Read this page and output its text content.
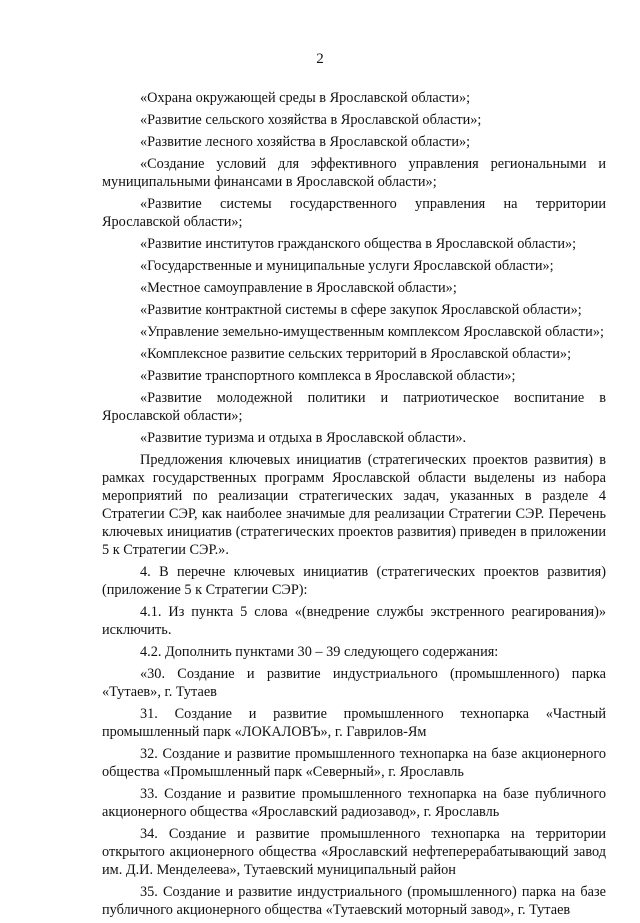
2

«Охрана окружающей среды в Ярославской области»;

«Развитие сельского хозяйства в Ярославской области»;

«Развитие лесного хозяйства в Ярославской области»;

«Создание условий для эффективного управления региональными и муниципальными финансами в Ярославской области»;

«Развитие системы государственного управления на территории Ярославской области»;

«Развитие институтов гражданского общества в Ярославской области»;

«Государственные и муниципальные услуги Ярославской области»;

«Местное самоуправление в Ярославской области»;

«Развитие контрактной системы в сфере закупок Ярославской области»;

«Управление земельно-имущественным комплексом Ярославской области»;

«Комплексное развитие сельских территорий в Ярославской области»;

«Развитие транспортного комплекса в Ярославской области»;

«Развитие молодежной политики и патриотическое воспитание в Ярославской области»;

«Развитие туризма и отдыха в Ярославской области».

Предложения ключевых инициатив (стратегических проектов развития) в рамках государственных программ Ярославской области выделены из набора мероприятий по реализации стратегических задач, указанных в разделе 4 Стратегии СЭР, как наиболее значимые для реализации Стратегии СЭР. Перечень ключевых инициатив (стратегических проектов развития) приведен в приложении 5 к Стратегии СЭР.».

4. В перечне ключевых инициатив (стратегических проектов развития) (приложение 5 к Стратегии СЭР):

4.1. Из пункта 5 слова «(внедрение службы экстренного реагирования)» исключить.

4.2. Дополнить пунктами 30 – 39 следующего содержания:

«30. Создание и развитие индустриального (промышленного) парка «Тутаев», г. Тутаев

31. Создание и развитие промышленного технопарка «Частный промышленный парк «ЛОКАЛОВЪ», г. Гаврилов-Ям

32. Создание и развитие промышленного технопарка на базе акционерного общества «Промышленный парк «Северный», г. Ярославль

33. Создание и развитие промышленного технопарка на базе публичного акционерного общества «Ярославский радиозавод», г. Ярославль

34. Создание и развитие промышленного технопарка на территории открытого акционерного общества «Ярославский нефтеперерабатывающий завод им. Д.И. Менделеева», Тутаевский муниципальный район

35. Создание и развитие индустриального (промышленного) парка на базе публичного акционерного общества «Тутаевский моторный завод», г. Тутаев
